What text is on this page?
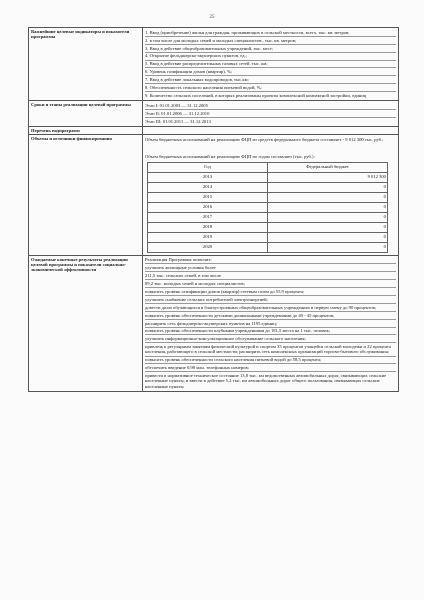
25
Важнейшие целевые индикаторы и показатели программы	
1. Ввод (приобретение) жилья для граждан, проживающих в сельской местности, всего, тыс. кв. метров;
2. в том числе для молодых семей и молодых специалистов:, тыс. кв. метров;
3. Ввод в действие общеобразовательных учреждений, тыс. мест;
4. Открытие фельдшерско-акушерских пунктов, ед.;
5. Ввод в действие распределительных газовых сетей, тыс. км;
6. Уровень газификации домов (квартир), %;
7. Ввод в действие локальных водопроводов, тыс.км;
8. Обеспеченность сельского населения питьевой водой, %;
9. Количество сельских поселений, в которых реализованы проекты комплексной компактной застройки, единиц

Сроки и этапы реализации целевой программы	Этап I: 01.01.2003 — 31.12.2005
Этап II: 01.01.2006 — 31.12.2010
Этап III: 01.01.2011 — 31.12.2013

Перечень подпрограмм	
Объемы и источники финансирования	Объем бюджетных ассигнований на реализацию ФЦП из средств федерального бюджета составляет - 9 012 300 тыс. руб.;
Объем бюджетных ассигнований на реализацию ФЦП по годам составляет (тыс. руб.):
Год	Федеральный бюджет
2013	9 012 300
2014	0
2015	0
2016	0
2017	0
2018	0
2019	0
2020	0

Ожидаемые конечные результаты реализации целевой программы и показатели социально-экономической эффективности	
Реализация Программы позволит:
улучшить жилищные условия более
211,5 тыс. сельских семей, в том числе
89,2 тыс. молодых семей и молодых специалистов;
повысить уровень газификации домов (квартир) сетевым газом до 55,9 процента;
улучшить снабжение сельских потребителей электроэнергией;
довести долю обучающихся в благоустроенных общеобразовательных учреждениях в первую смену до 90 процентов;
повысить уровень обеспеченности детскими дошкольными учреждениями до 40 - 45 процентов;
расширить сеть фельдшерско-акушерских пунктов на 1195 единиц;
повысить уровень обеспеченности клубными учреждениями до 181,5 места на 1 тыс. человек;
улучшить информационно-консультационное обслуживание сельского населения;
привлечь к регулярным занятиям физической культурой и спортом 35 процентов учащейся сельской молодежи и 22 процента населения, работающего в сельской местности; расширить сеть комплексных организаций торгово-бытового обслуживания;
повысить уровень обеспеченности сельского населения питьевой водой до 58,5 процента;
обеспечить введение 0,98 млн. телефонных номеров;
привести в нормативное техническое состояние 13,8 тыс. км ведомственных автомобильных дорог, связывающих сельские населенные пункты, и ввести в действие 5,2 тыс. км автомобильных дорог общего пользования, связывающих сельские населенные пункты
